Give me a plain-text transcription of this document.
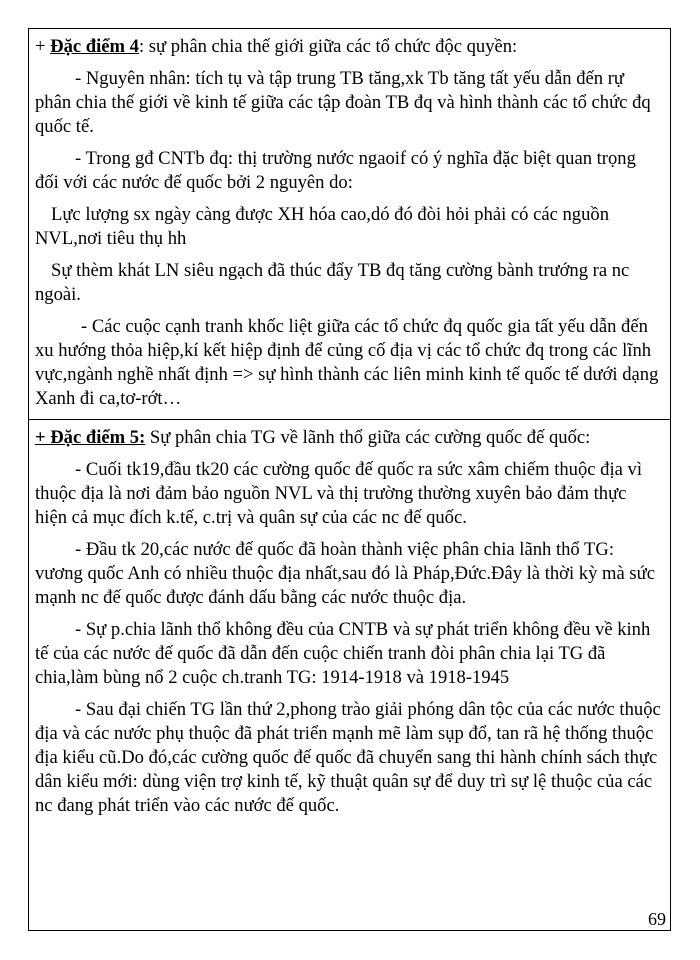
+ Đặc điểm 4: sự phân chia thế giới giữa các tổ chức độc quyền:

- Nguyên nhân: tích tụ và tập trung TB tăng,xk Tb tăng tất yếu dẫn đến rự phân chia thế giới về kinh tế giữa các tập đoàn TB đq và hình thành các tổ chức đq quốc tế.

- Trong gđ CNTb đq: thị trường nước ngaoif có ý nghĩa đặc biệt quan trọng đối với các nước đế quốc bởi 2 nguyên do:

Lực lượng sx ngày càng được XH hóa cao,dó đó đòi hỏi phải có các nguồn NVL,nơi tiêu thụ hh

Sự thèm khát LN siêu ngạch đã thúc đẩy TB đq tăng cường bành trướng ra nc ngoài.

- Các cuộc cạnh tranh khốc liệt giữa các tổ chức đq quốc gia tất yếu dẫn đến xu hướng thỏa hiệp,kí kết hiệp định để củng cố địa vị các tổ chức đq trong các lĩnh vực,ngành nghề nhất định => sự hình thành các liên minh kinh tế quốc tế dưới dạng Xanh đi ca,tơ-rớt…

+ Đặc điểm 5: Sự phân chia TG về lãnh thổ giữa các cường quốc đế quốc:

- Cuối tk19,đầu tk20 các cường quốc đế quốc ra sức xâm chiếm thuộc địa vì thuộc địa là nơi đảm bảo nguồn NVL và thị trường thường xuyên bảo đảm thực hiện cả mục đích k.tế, c.trị và quân sự của các nc đế quốc.

- Đầu tk 20,các nước đế quốc đã hoàn thành việc phân chia lãnh thổ TG: vương quốc Anh có nhiều thuộc địa nhất,sau đó là Pháp,Đức.Đây là thời kỳ mà sức mạnh nc đế quốc được đánh dấu bằng các nước thuộc địa.

- Sự p.chia lãnh thổ không đều của CNTB và sự phát triển không đều về kinh tế của các nước đế quốc đã dẫn đến cuộc chiến tranh đòi phân chia lại TG đã chia,làm bùng nổ 2 cuộc ch.tranh TG: 1914-1918 và 1918-1945

- Sau đại chiến TG lần thứ 2,phong trào giải phóng dân tộc của các nước thuộc địa và các nước phụ thuộc đã phát triển mạnh mẽ làm sụp đổ, tan rã hệ thống thuộc địa kiểu cũ.Do đó,các cường quốc đế quốc đã chuyển sang thi hành chính sách thực dân kiểu mới: dùng viện trợ kinh tế, kỹ thuật quân sự để duy trì sự lệ thuộc của các nc đang phát triển vào các nước đế quốc.

69
